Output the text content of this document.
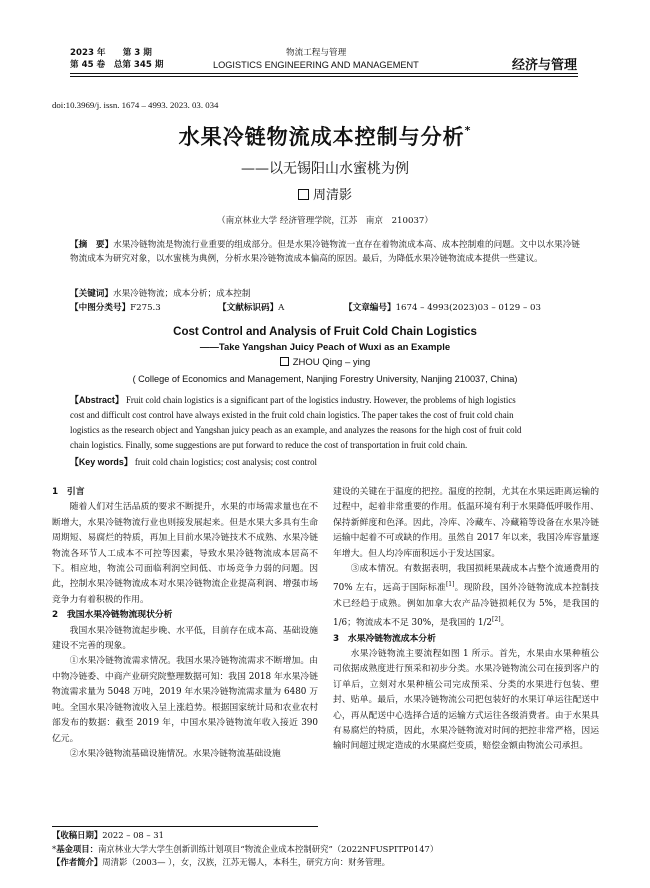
2023 年　　第 3 期
第 45 卷　总第 345 期
物流工程与管理
LOGISTICS ENGINEERING AND MANAGEMENT	经济与管理
doi:10.3969/j. issn. 1674 – 4993. 2023. 03. 034
水果冷链物流成本控制与分析*
——以无锡阳山水蜜桃为例
周清影
（南京林业大学 经济管理学院，江苏　南京　210037）
【摘　要】水果冷链物流是物流行业重要的组成部分。但是水果冷链物流一直存在着物流成本高、成本控制难的问题。文中以水果冷链物流成本为研究对象，以水蜜桃为典例，分析水果冷链物流成本偏高的原因。最后，为降低水果冷链物流成本提供一些建议。
【关键词】水果冷链物流；成本分析；成本控制
【中图分类号】F275.3	【文献标识码】A	【文章编号】1674 – 4993(2023)03 – 0129 – 03
Cost Control and Analysis of Fruit Cold Chain Logistics
——Take Yangshan Juicy Peach of Wuxi as an Example
ZHOU Qing – ying
( College of Economics and Management, Nanjing Forestry University, Nanjing 210037, China)
【Abstract】 Fruit cold chain logistics is a significant part of the logistics industry. However, the problems of high logistics
cost and difficult cost control have always existed in the fruit cold chain logistics. The paper takes the cost of fruit cold chain
logistics as the research object and Yangshan juicy peach as an example, and analyzes the reasons for the high cost of fruit cold
chain logistics. Finally, some suggestions are put forward to reduce the cost of transportation in fruit cold chain.
【Key words】 fruit cold chain logistics; cost analysis; cost control

1　引言

随着人们对生活品质的要求不断提升，水果的市场需求量也在不断增大，水果冷链物流行业也则接发展起来。但是水果大多具有生命周期短、易腐烂的特质，再加上目前水果冷链技术不成熟、水果冷链物流各环节人工成本不可控等因素，导致水果冷链物流成本居高不下。相应地，物流公司面临利润空间低、市场竞争力弱的问题。因此，控制水果冷链物流成本对水果冷链物流企业提高利润、增强市场竞争力有着积极的作用。

2　我国水果冷链物流现状分析

我国水果冷链物流起步晚、水平低，目前存在成本高、基础设施建设不完善的现象。

①水果冷链物流需求情况。我国水果冷链物流需求不断增加。由中物冷链委、中商产业研究院整理数据可知：我国 2018 年水果冷链物流需求量为 5048 万吨，2019 年水果冷链物流需求量为 6480 万吨。全国水果冷链物流收入呈上涨趋势。根据国家统计局和农业农村部发布的数据：截至 2019 年，中国水果冷链物流年收入接近 390 亿元。

②水果冷链物流基础设施情况。水果冷链物流基础设施

建设的关键在于温度的把控。温度的控制，尤其在水果远距离运输的过程中，起着非常重要的作用。低温环境有利于水果降低呼吸作用、保持新鲜度和色泽。因此，冷库、冷藏车、冷藏箱等设备在水果冷链运输中起着不可或缺的作用。虽然自 2017 年以来，我国冷库容量逐年增大。但人均冷库面积远小于发达国家。

③成本情况。有数据表明，我国损耗果蔬成本占整个流通费用的 70% 左右，远高于国际标准[1]。现阶段，国外冷链物流成本控制技术已经趋于成熟。例如加拿大农产品冷链损耗仅为 5%，是我国的 1/6；物流成本不足 30%，是我国的 1/2[2]。

3　水果冷链物流成本分析

水果冷链物流主要流程如图 1 所示。首先，水果由水果种植公司依据成熟度进行预采和初步分类。水果冷链物流公司在接到客户的订单后，立刻对水果种植公司完成预采、分类的水果进行包装、塑封、贴单。最后，水果冷链物流公司把包装好的水果订单运往配送中心，再从配送中心选择合适的运输方式运往各级消费者。由于水果具有易腐烂的特质，因此，水果冷链物流对时间的把控非常严格，因运输时间超过规定造成的水果腐烂变质，赔偿金额由物流公司承担。

【收稿日期】2022 – 08 – 31
*基金项目：南京林业大学大学生创新训练计划项目“物流企业成本控制研究”（2022NFUSPITP0147）
【作者简介】周清影（2003— ），女，汉族，江苏无锡人，本科生，研究方向：财务管理。
